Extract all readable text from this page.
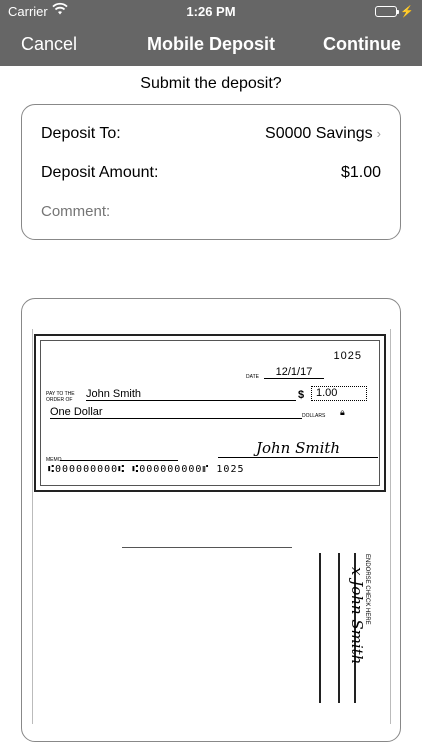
Carrier	1:26 PM	⚡
Cancel	Mobile Deposit	Continue
Submit the deposit?
Deposit To:	S0000 Savings ›
Deposit Amount:	$1.00
Comment:
1025
DATE	12/1/17
PAY TO THE ORDER OF	John Smith	$	1.00
One Dollar	DOLLARS 🔒︎
John Smith
MEMO
⑆000000000⑆ ⑆000000000⑈ 1025
ENDORSE CHECK HERE
x John Smith
